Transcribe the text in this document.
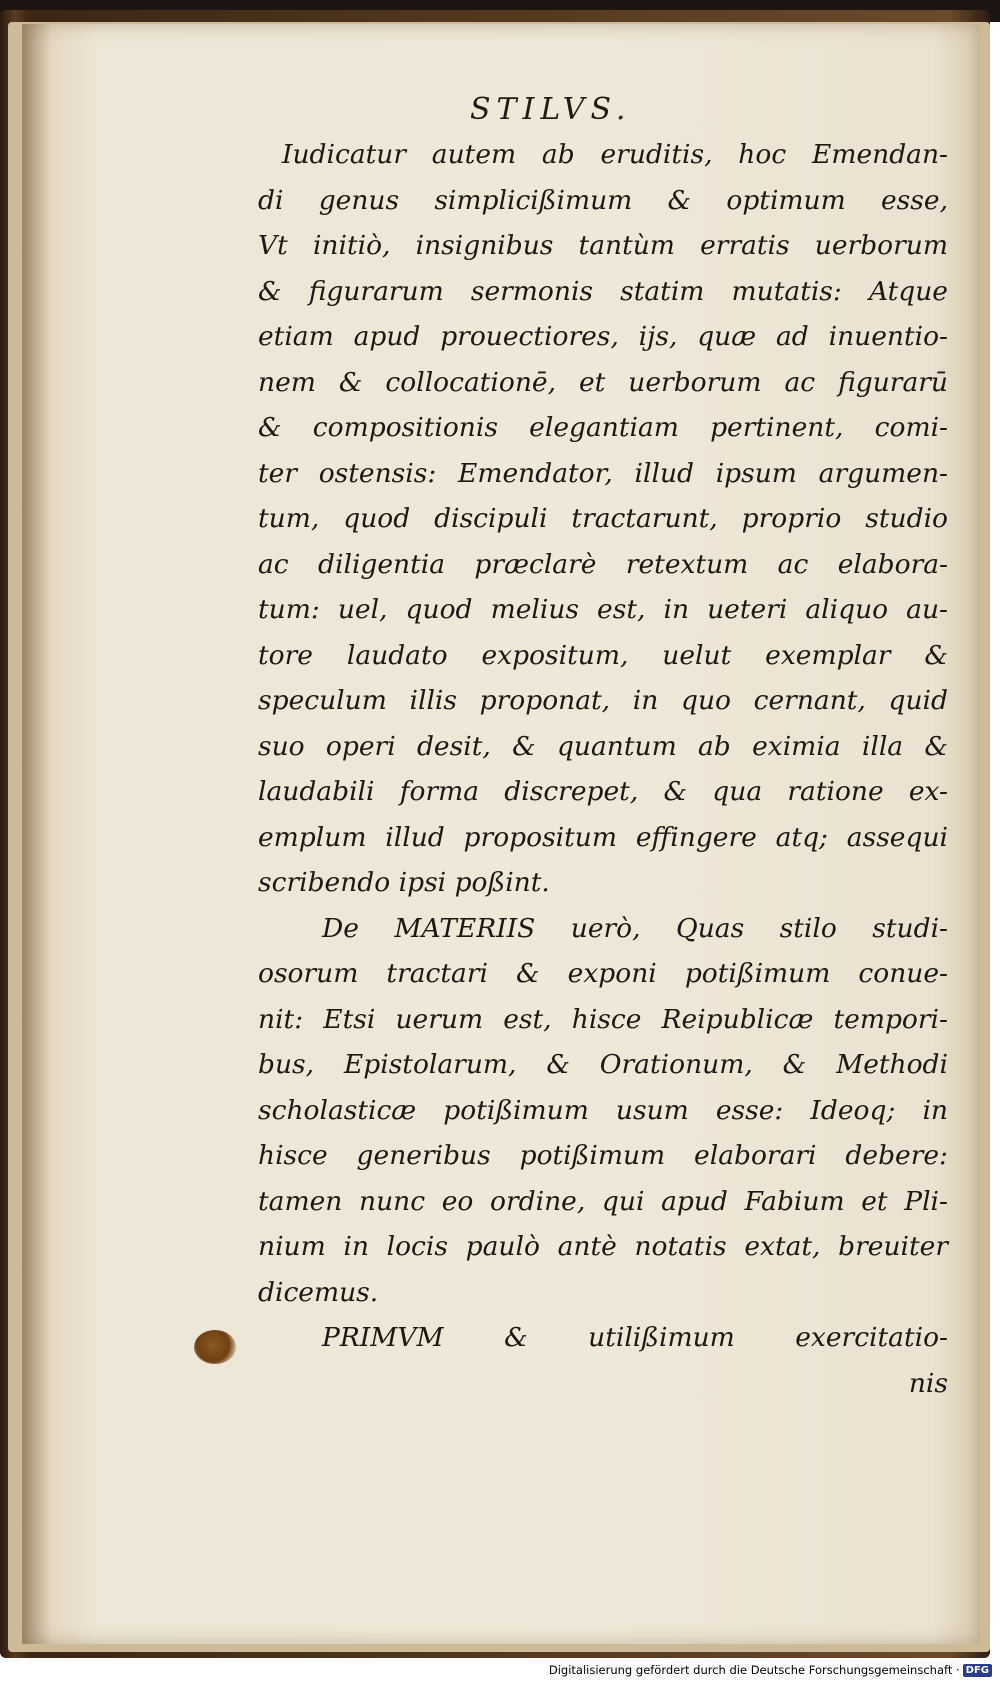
STILVS.
Iudicatur autem ab eruditis, hoc Emendan-
di genus simplicißimum & optimum esse,
Vt initiò, insignibus tantùm erratis uerborum
& figurarum sermonis statim mutatis: Atque
etiam apud prouectiores, ijs, quæ ad inuentio-
nem & collocationē, et uerborum ac figurarū
& compositionis elegantiam pertinent, comi-
ter ostensis: Emendator, illud ipsum argumen-
tum, quod discipuli tractarunt, proprio studio
ac diligentia præclarè retextum ac elabora-
tum: uel, quod melius est, in ueteri aliquo au-
tore laudato expositum, uelut exemplar &
speculum illis proponat, in quo cernant, quid
suo operi desit, & quantum ab eximia illa &
laudabili forma discrepet, & qua ratione ex-
emplum illud propositum effingere atq; assequi
scribendo ipsi poßint.
De MATERIIS uerò, Quas stilo studi-
osorum tractari & exponi potißimum conue-
nit: Etsi uerum est, hisce Reipublicæ tempori-
bus, Epistolarum, & Orationum, & Methodi
scholasticæ potißimum usum esse: Ideoq; in
hisce generibus potißimum elaborari debere:
tamen nunc eo ordine, qui apud Fabium et Pli-
nium in locis paulò antè notatis extat, breuiter
dicemus.
PRIMVM & utilißimum exercitatio-
nis
Digitalisierung gefördert durch die Deutsche Forschungsgemeinschaft · DFG
